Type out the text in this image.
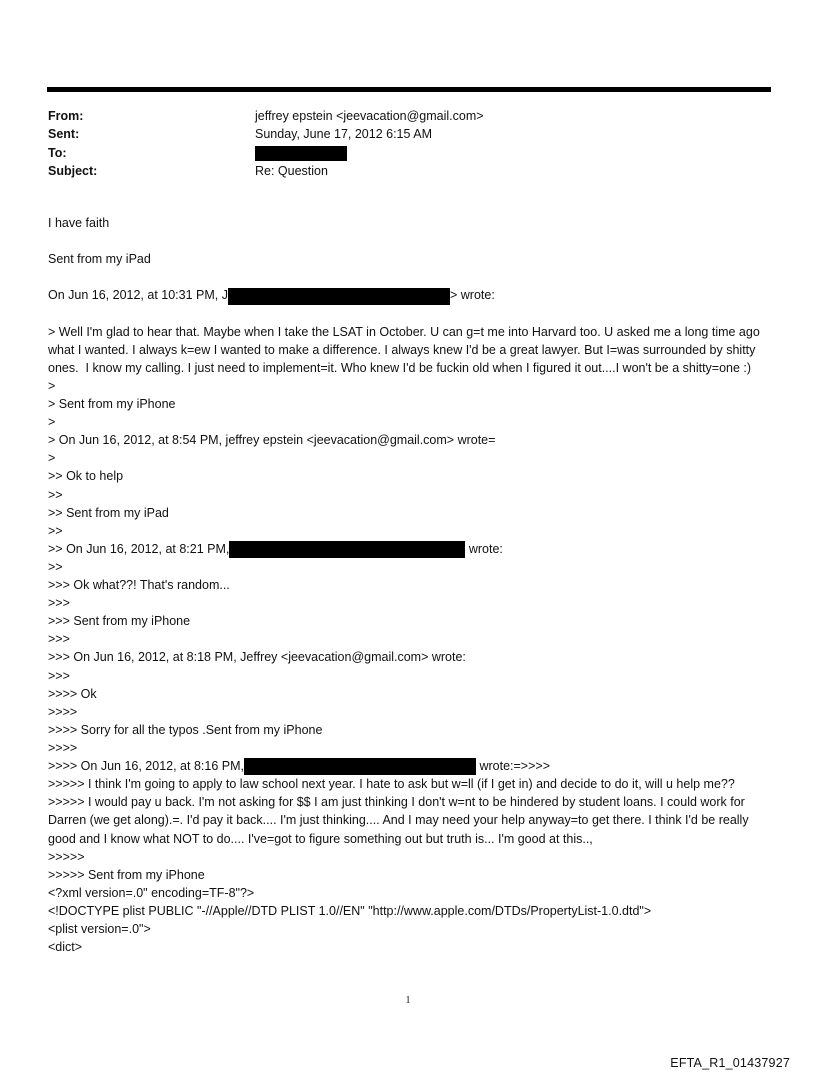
From:	jeffrey epstein <jeevacation@gmail.com>
Sent:	Sunday, June 17, 2012 6:15 AM
To:
Subject:	Re: Question
I have faith
Sent from my iPad
On Jun 16, 2012, at 10:31 PM, J	> wrote:
> Well I'm glad to hear that. Maybe when I take the LSAT in October. U can g=t me into Harvard too. U asked me a long time ago what I wanted. I always k=ew I wanted to make a difference. I always knew I'd be a great lawyer. But I=was surrounded by shitty ones.  I know my calling. I just need to implement=it. Who knew I'd be fuckin old when I figured it out....I won't be a shitty=one :)
>
> Sent from my iPhone
>
> On Jun 16, 2012, at 8:54 PM, jeffrey epstein <jeevacation@gmail.com> wrote=
>
>> Ok to help
>>
>> Sent from my iPad
>>
>> On Jun 16, 2012, at 8:21 PM,	wrote:
>>
>>> Ok what??! That's random...
>>>
>>> Sent from my iPhone
>>>
>>> On Jun 16, 2012, at 8:18 PM, Jeffrey <jeevacation@gmail.com> wrote:
>>>
>>>> Ok
>>>>
>>>> Sorry for all the typos .Sent from my iPhone
>>>>
>>>> On Jun 16, 2012, at 8:16 PM,	wrote:=>>>>
>>>>> I think I'm going to apply to law school next year. I hate to ask but w=ll (if I get in) and decide to do it, will u help me??
>>>>> I would pay u back. I'm not asking for $$ I am just thinking I don't w=nt to be hindered by student loans. I could work for Darren (we get along).=. I'd pay it back.... I'm just thinking.... And I may need your help anyway=to get there. I think I'd be really good and I know what NOT to do.... I've=got to figure something out but truth is... I'm good at this..,
>>>>>
>>>>> Sent from my iPhone
<?xml version=.0" encoding=TF-8"?>
<!DOCTYPE plist PUBLIC "-//Apple//DTD PLIST 1.0//EN" "http://www.apple.com/DTDs/PropertyList-1.0.dtd">
<plist version=.0">
<dict>
1
EFTA_R1_01437927
